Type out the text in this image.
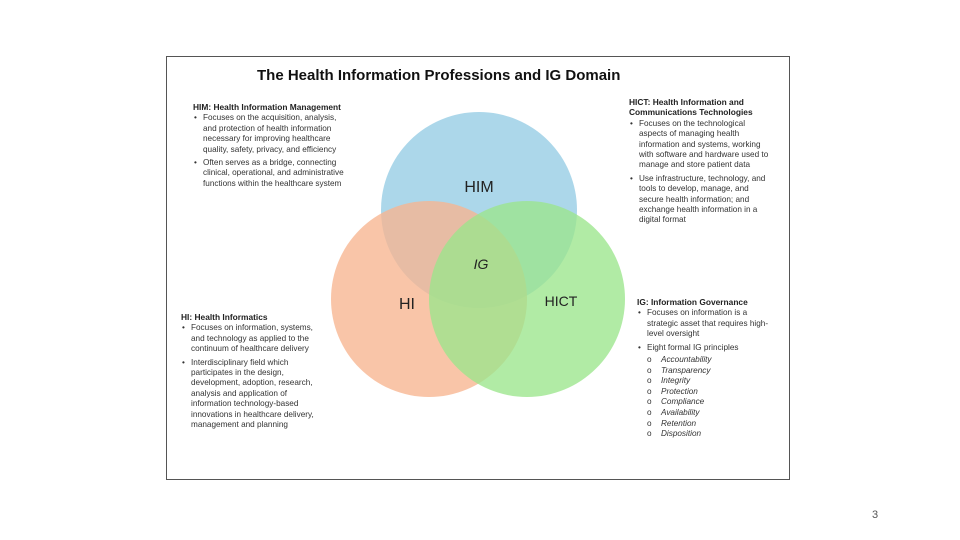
The Health Information Professions and IG Domain
HIM
HI	HICT
IG
HIM: Health Information Management
• Focuses on the acquisition, analysis, and protection of health information necessary for improving healthcare quality, safety, privacy, and efficiency
• Often serves as a bridge, connecting clinical, operational, and administrative functions within the healthcare system
HICT: Health Information and Communications Technologies
• Focuses on the technological aspects of managing health information and systems, working with software and hardware used to manage and store patient data
• Use infrastructure, technology, and tools to develop, manage, and secure health information; and exchange health information in a digital format
HI: Health Informatics
• Focuses on information, systems, and technology as applied to the continuum of healthcare delivery
• Interdisciplinary field which participates in the design, development, adoption, research, analysis and application of information technology-based innovations in healthcare delivery, management and planning
IG: Information Governance
• Focuses on information is a strategic asset that requires high-level oversight
• Eight formal IG principles
o Accountability
o Transparency
o Integrity
o Protection
o Compliance
o Availability
o Retention
o Disposition
3
